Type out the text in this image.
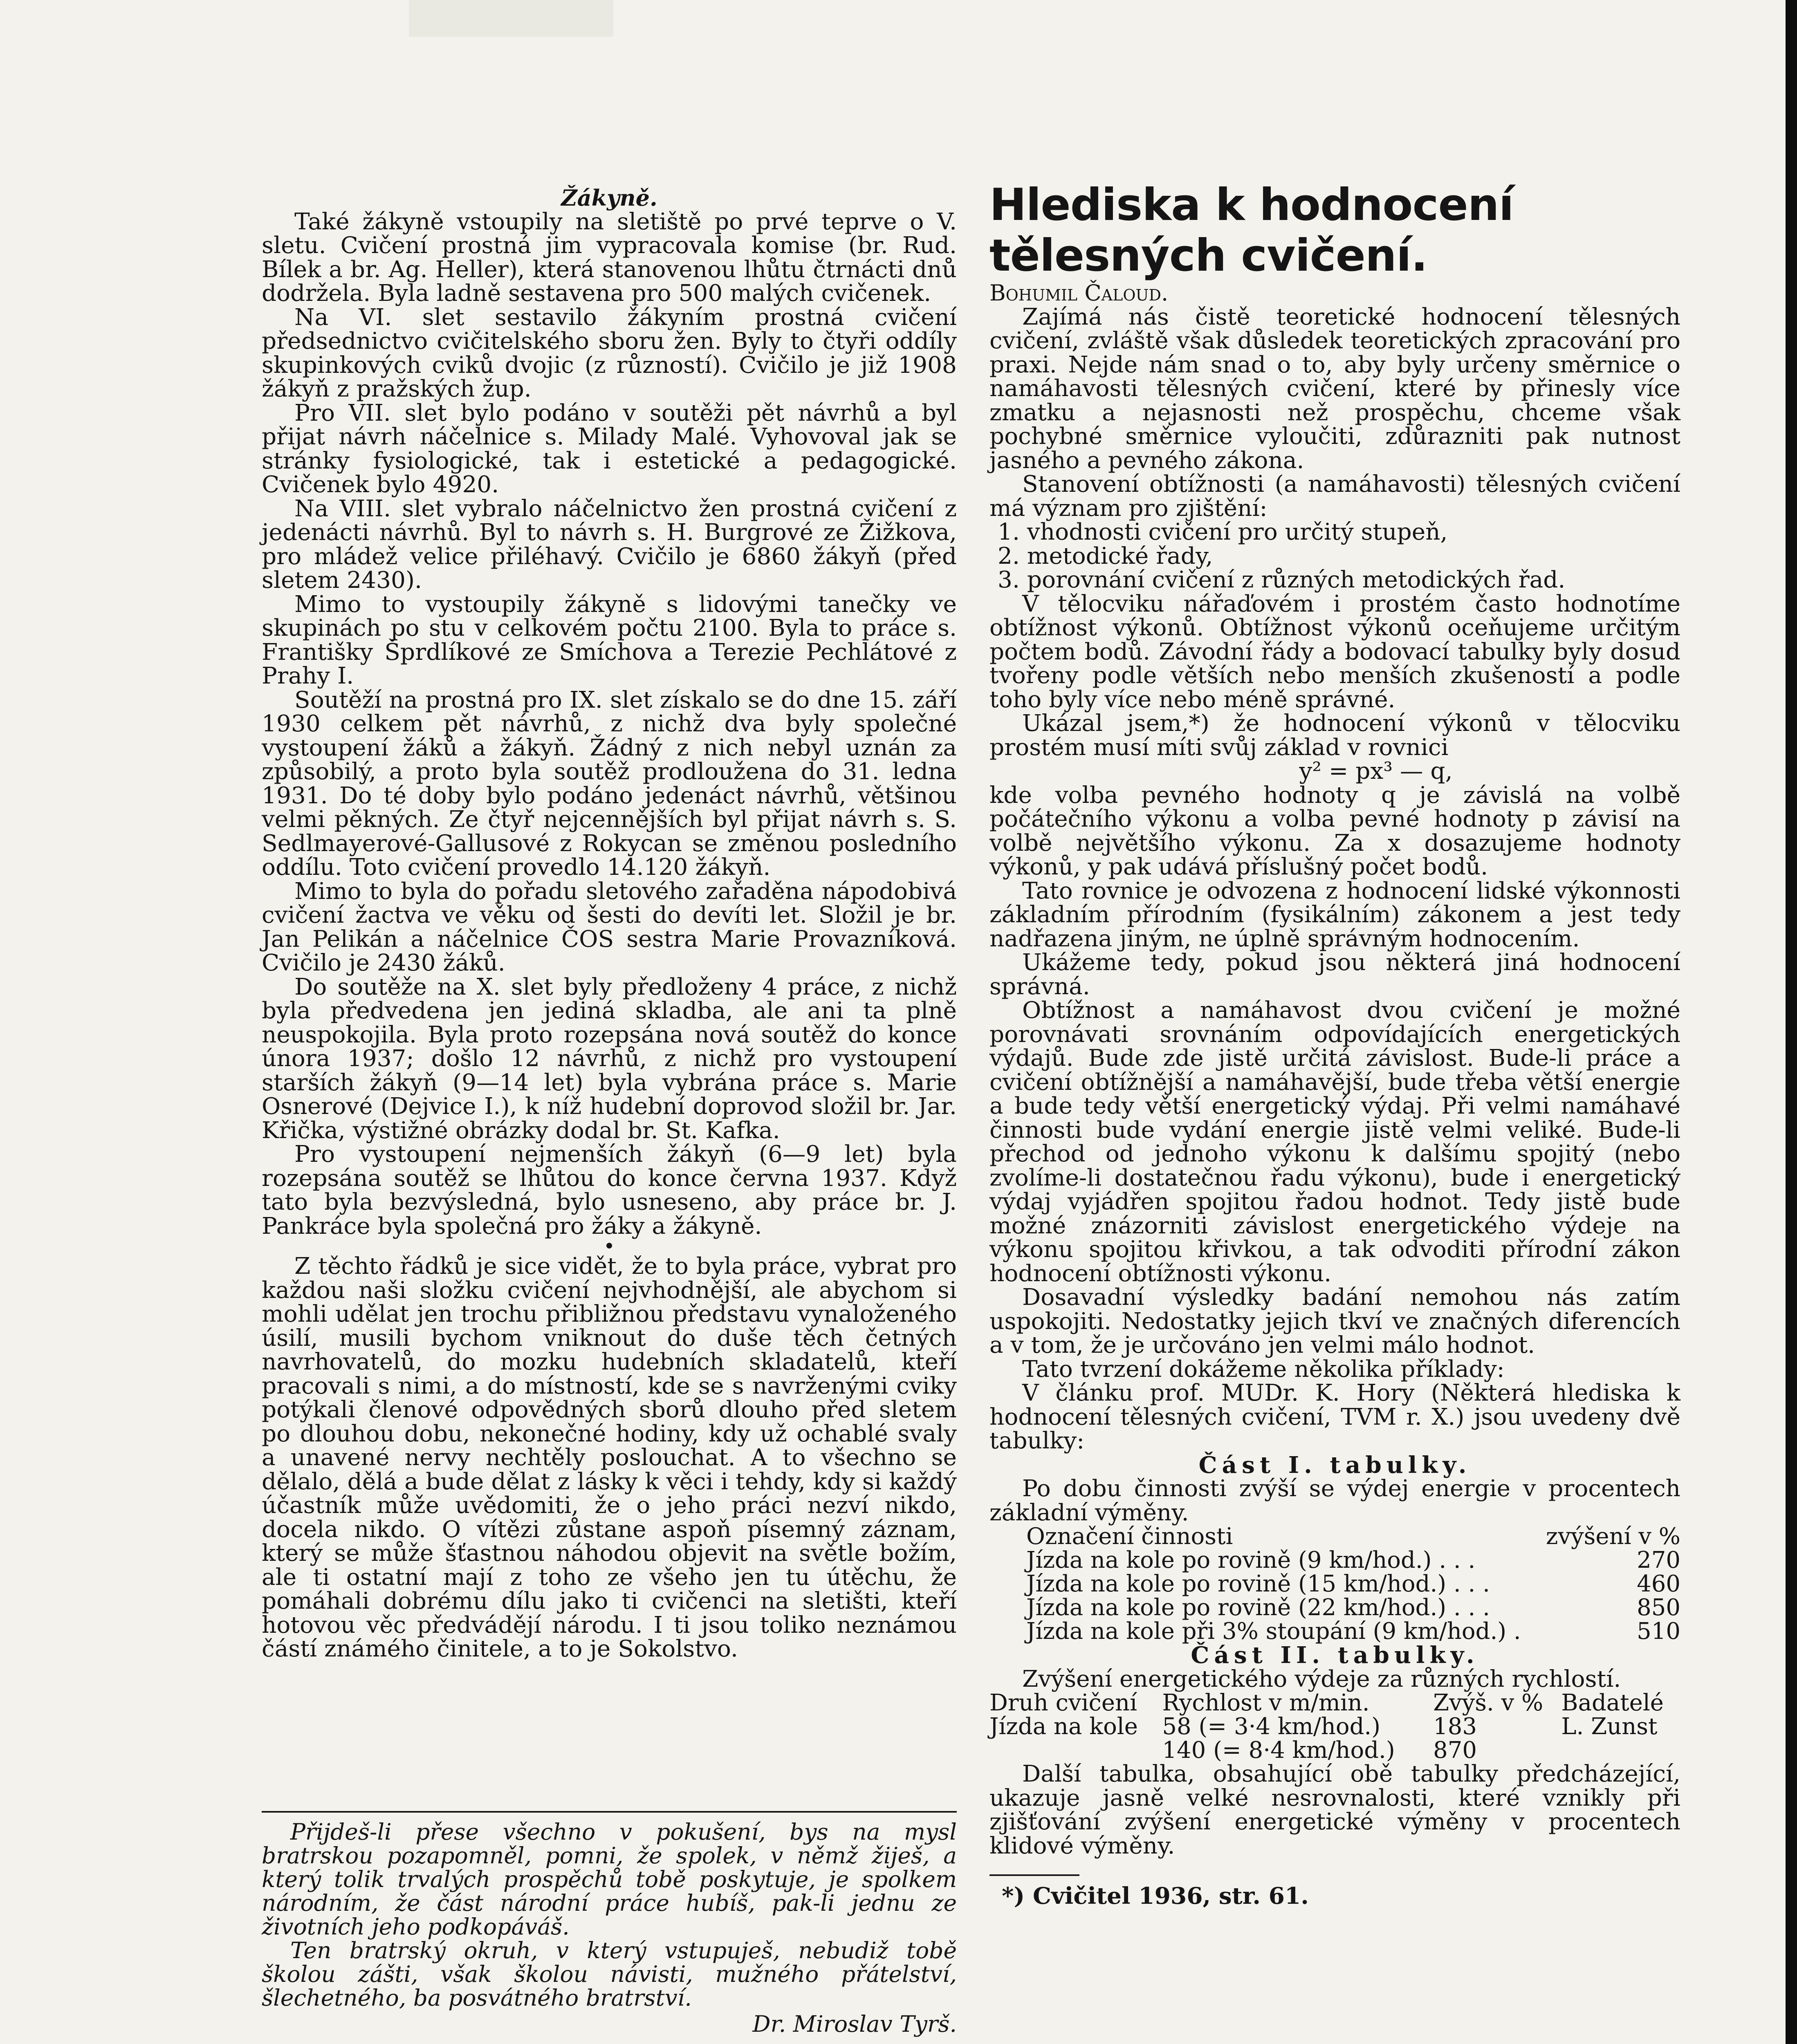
Žákyně.

Také žákyně vstoupily na sletiště po prvé teprve o V. sletu. Cvičení prostná jim vypracovala komise (br. Rud. Bílek a br. Ag. Heller), která stanovenou lhůtu čtrnácti dnů dodržela. Byla ladně sestavena pro 500 malých cvičenek.

Na VI. slet sestavilo žákyním prostná cvičení předsednictvo cvičitelského sboru žen. Byly to čtyři oddíly skupinkových cviků dvojic (z růzností). Cvičilo je již 1908 žákyň z pražských žup.

Pro VII. slet bylo podáno v soutěži pět návrhů a byl přijat návrh náčelnice s. Milady Malé. Vyhovoval jak se stránky fysiologické, tak i estetické a pedagogické. Cvičenek bylo 4920.

Na VIII. slet vybralo náčelnictvo žen prostná cvičení z jedenácti návrhů. Byl to návrh s. H. Burgrové ze Žižkova, pro mládež velice přiléhavý. Cvičilo je 6860 žákyň (před sletem 2430).

Mimo to vystoupily žákyně s lidovými tanečky ve skupinách po stu v celkovém počtu 2100. Byla to práce s. Františky Šprdlíkové ze Smíchova a Terezie Pechlátové z Prahy I.

Soutěží na prostná pro IX. slet získalo se do dne 15. září 1930 celkem pět návrhů, z nichž dva byly společné vystoupení žáků a žákyň. Žádný z nich nebyl uznán za způsobilý, a proto byla soutěž prodloužena do 31. ledna 1931. Do té doby bylo podáno jedenáct návrhů, většinou velmi pěkných. Ze čtyř nejcennějších byl přijat návrh s. S. Sedlmayerové-Gallusové z Rokycan se změnou posledního oddílu. Toto cvičení provedlo 14.120 žákyň.

Mimo to byla do pořadu sletového zařaděna nápodobivá cvičení žactva ve věku od šesti do devíti let. Složil je br. Jan Pelikán a náčelnice ČOS sestra Marie Provazníková. Cvičilo je 2430 žáků.

Do soutěže na X. slet byly předloženy 4 práce, z nichž byla předvedena jen jediná skladba, ale ani ta plně neuspokojila. Byla proto rozepsána nová soutěž do konce února 1937; došlo 12 návrhů, z nichž pro vystoupení starších žákyň (9—14 let) byla vybrána práce s. Marie Osnerové (Dejvice I.), k níž hudební doprovod složil br. Jar. Křička, výstižné obrázky dodal br. St. Kafka.

Pro vystoupení nejmenších žákyň (6—9 let) byla rozepsána soutěž se lhůtou do konce června 1937. Když tato byla bezvýsledná, bylo usneseno, aby práce br. J. Pankráce byla společná pro žáky a žákyně.

•

Z těchto řádků je sice vidět, že to byla práce, vybrat pro každou naši složku cvičení nejvhodnější, ale abychom si mohli udělat jen trochu přibližnou představu vynaloženého úsilí, musili bychom vniknout do duše těch četných navrhovatelů, do mozku hudebních skladatelů, kteří pracovali s nimi, a do místností, kde se s navrženými cviky potýkali členové odpovědných sborů dlouho před sletem po dlouhou dobu, nekonečné hodiny, kdy už ochablé svaly a unavené nervy nechtěly poslouchat. A to všechno se dělalo, dělá a bude dělat z lásky k věci i tehdy, kdy si každý účastník může uvědomiti, že o jeho práci nezví nikdo, docela nikdo. O vítězi zůstane aspoň písemný záznam, který se může šťastnou náhodou objevit na světle božím, ale ti ostatní mají z toho ze všeho jen tu útěchu, že pomáhali dobrému dílu jako ti cvičenci na sletišti, kteří hotovou věc předvádějí národu. I ti jsou toliko neznámou částí známého činitele, a to je Sokolstvo.

Přijdeš-li přese všechno v pokušení, bys na mysl bratrskou pozapomněl, pomni, že spolek, v němž žiješ, a který tolik trvalých prospěchů tobě poskytuje, je spolkem národním, že část národní práce hubíš, pak-li jednu ze životních jeho podkopáváš.

Ten bratrský okruh, v který vstupuješ, nebudiž tobě školou zášti, však školou návisti, mužného přátelství, šlechetného, ba posvátného bratrství.

Dr. Miroslav Tyrš.

Hlediska k hodnocení tělesných cvičení.

Bohumil Čaloud.

Zajímá nás čistě teoretické hodnocení tělesných cvičení, zvláště však důsledek teoretických zpracování pro praxi. Nejde nám snad o to, aby byly určeny směrnice o namáhavosti tělesných cvičení, které by přinesly více zmatku a nejasnosti než prospěchu, chceme však pochybné směrnice vyloučiti, zdůrazniti pak nutnost jasného a pevného zákona.

Stanovení obtížnosti (a namáhavosti) tělesných cvičení má význam pro zjištění:

1. vhodnosti cvičení pro určitý stupeň,

2. metodické řady,

3. porovnání cvičení z různých metodických řad.

V tělocviku nářaďovém i prostém často hodnotíme obtížnost výkonů. Obtížnost výkonů oceňujeme určitým počtem bodů. Závodní řády a bodovací tabulky byly dosud tvořeny podle větších nebo menších zkušeností a podle toho byly více nebo méně správné.

Ukázal jsem,*) že hodnocení výkonů v tělocviku prostém musí míti svůj základ v rovnici

y² = px³ — q,

kde volba pevného hodnoty q je závislá na volbě počátečního výkonu a volba pevné hodnoty p závisí na volbě největšího výkonu. Za x dosazujeme hodnoty výkonů, y pak udává příslušný počet bodů.

Tato rovnice je odvozena z hodnocení lidské výkonnosti základním přírodním (fysikálním) zákonem a jest tedy nadřazena jiným, ne úplně správným hodnocením.

Ukážeme tedy, pokud jsou některá jiná hodnocení správná.

Obtížnost a namáhavost dvou cvičení je možné porovnávati srovnáním odpovídajících energetických výdajů. Bude zde jistě určitá závislost. Bude-li práce a cvičení obtížnější a namáhavější, bude třeba větší energie a bude tedy větší energetický výdaj. Při velmi namáhavé činnosti bude vydání energie jistě velmi veliké. Bude-li přechod od jednoho výkonu k dalšímu spojitý (nebo zvolíme-li dostatečnou řadu výkonu), bude i energetický výdaj vyjádřen spojitou řadou hodnot. Tedy jistě bude možné znázorniti závislost energetického výdeje na výkonu spojitou křivkou, a tak odvoditi přírodní zákon hodnocení obtížnosti výkonu.

Dosavadní výsledky badání nemohou nás zatím uspokojiti. Nedostatky jejich tkví ve značných diferencích a v tom, že je určováno jen velmi málo hodnot.

Tato tvrzení dokážeme několika příklady:

V článku prof. MUDr. K. Hory (Některá hlediska k hodnocení tělesných cvičení, TVM r. X.) jsou uvedeny dvě tabulky:

Část I. tabulky.

Po dobu činnosti zvýší se výdej energie v procentech základní výměny.

Označení činnosti	zvýšení v %
Jízda na kole po rovině (9 km/hod.) . . .	270
Jízda na kole po rovině (15 km/hod.) . . .	460
Jízda na kole po rovině (22 km/hod.) . . .	850
Jízda na kole při 3% stoupání (9 km/hod.) .	510

Část II. tabulky.

Zvýšení energetického výdeje za různých rychlostí.

Druh cvičení	Rychlost v m/min.	Zvýš. v %	Badatelé
Jízda na kole	58 (= 3·4 km/hod.)	183	L. Zunst
	140 (= 8·4 km/hod.)	870	

Další tabulka, obsahující obě tabulky předcházející, ukazuje jasně velké nesrovnalosti, které vznikly při zjišťování zvýšení energetické výměny v procentech klidové výměny.

*) Cvičitel 1936, str. 61.
